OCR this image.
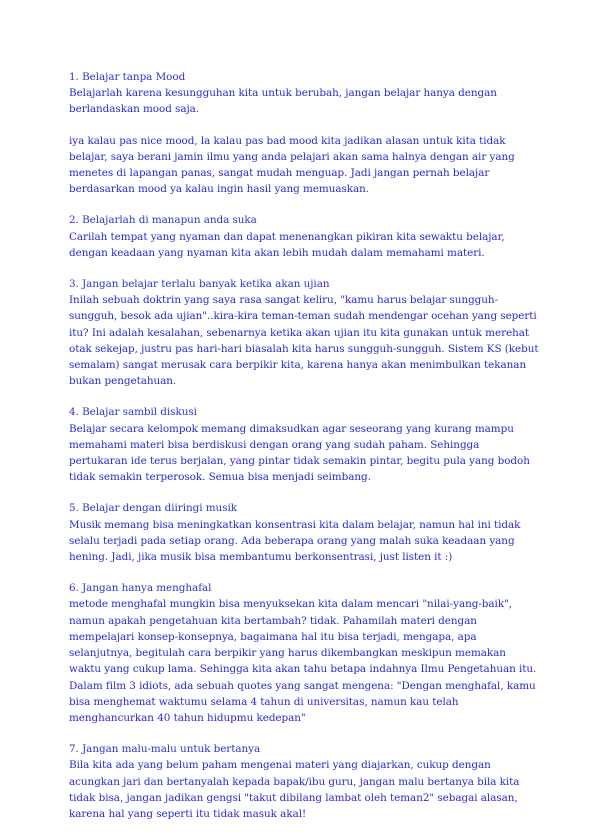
1. Belajar tanpa Mood

Belajarlah karena kesungguhan kita untuk berubah, jangan belajar hanya dengan berlandaskan mood saja.

iya kalau pas nice mood, la kalau pas bad mood kita jadikan alasan untuk kita tidak belajar, saya berani jamin ilmu yang anda pelajari akan sama halnya dengan air yang menetes di lapangan panas, sangat mudah menguap. Jadi jangan pernah belajar berdasarkan mood ya kalau ingin hasil yang memuaskan.

2. Belajarlah di manapun anda suka

Carilah tempat yang nyaman dan dapat menenangkan pikiran kita sewaktu belajar, dengan keadaan yang nyaman kita akan lebih mudah dalam memahami materi.

3. Jangan belajar terlalu banyak ketika akan ujian

Inilah sebuah doktrin yang saya rasa sangat keliru, "kamu harus belajar sungguh-sungguh, besok ada ujian"..kira-kira teman-teman sudah mendengar ocehan yang seperti itu? Ini adalah kesalahan, sebenarnya ketika akan ujian itu kita gunakan untuk merehat otak sekejap, justru pas hari-hari biasalah kita harus sungguh-sungguh. Sistem KS (kebut semalam) sangat merusak cara berpikir kita, karena hanya akan menimbulkan tekanan bukan pengetahuan.

4. Belajar sambil diskusi

Belajar secara kelompok memang dimaksudkan agar seseorang yang kurang mampu memahami materi bisa berdiskusi dengan orang yang sudah paham. Sehingga pertukaran ide terus berjalan, yang pintar tidak semakin pintar, begitu pula yang bodoh tidak semakin terperosok. Semua bisa menjadi seimbang.

5. Belajar dengan diiringi musik

Musik memang bisa meningkatkan konsentrasi kita dalam belajar, namun hal ini tidak selalu terjadi pada setiap orang. Ada beberapa orang yang malah suka keadaan yang hening. Jadi, jika musik bisa membantumu berkonsentrasi, just listen it :)

6. Jangan hanya menghafal

metode menghafal mungkin bisa menyuksekan kita dalam mencari "nilai-yang-baik", namun apakah pengetahuan kita bertambah? tidak. Pahamilah materi dengan mempelajari konsep-konsepnya, bagaimana hal itu bisa terjadi, mengapa, apa selanjutnya, begitulah cara berpikir yang harus dikembangkan meskipun memakan waktu yang cukup lama. Sehingga kita akan tahu betapa indahnya Ilmu Pengetahuan itu. Dalam film 3 idiots, ada sebuah quotes yang sangat mengena: "Dengan menghafal, kamu bisa menghemat waktumu selama 4 tahun di universitas, namun kau telah menghancurkan 40 tahun hidupmu kedepan"

7. Jangan malu-malu untuk bertanya

Bila kita ada yang belum paham mengenai materi yang diajarkan, cukup dengan acungkan jari dan bertanyalah kepada bapak/ibu guru, jangan malu bertanya bila kita tidak bisa, jangan jadikan gengsi "takut dibilang lambat oleh teman2" sebagai alasan, karena hal yang seperti itu tidak masuk akal!
